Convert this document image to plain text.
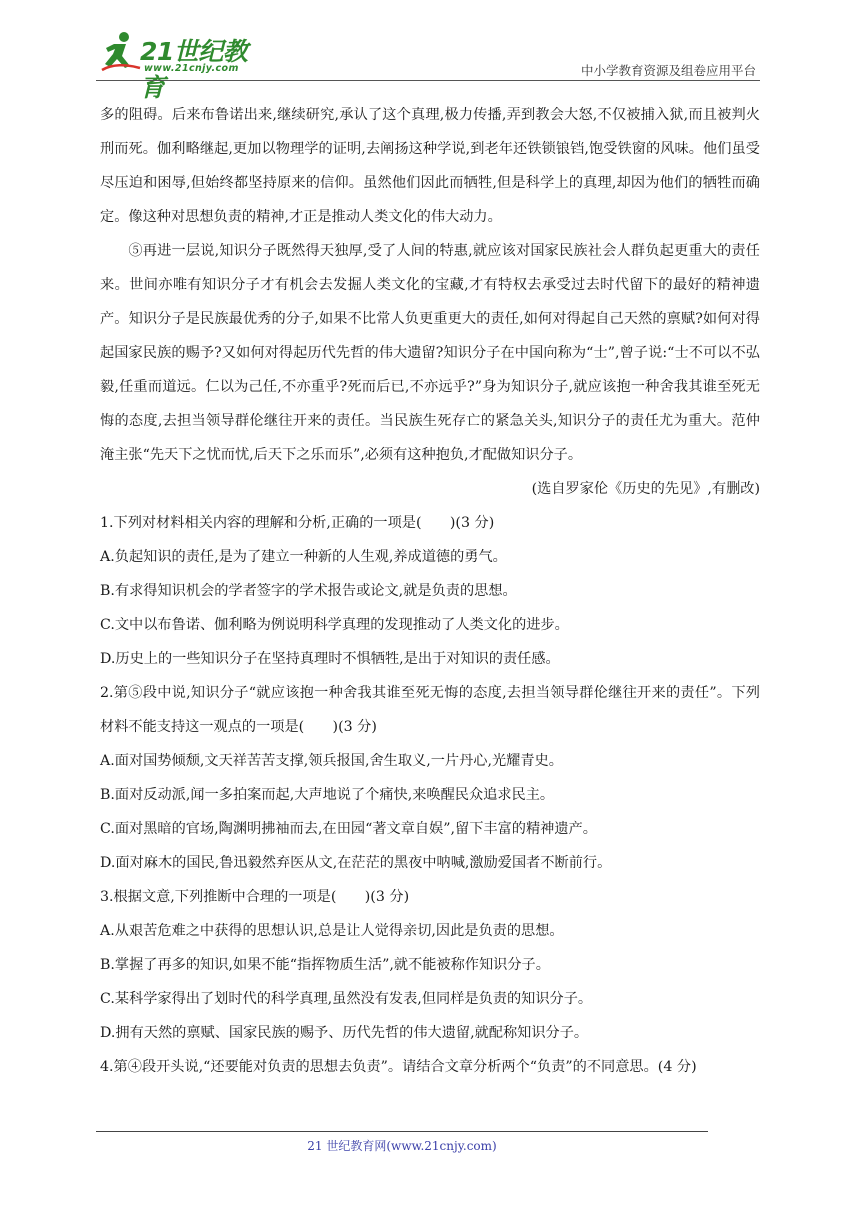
21世纪教育
www.21cnjy.com	中小学教育资源及组卷应用平台

多的阻碍。后来布鲁诺出来,继续研究,承认了这个真理,极力传播,弄到教会大怒,不仅被捕入狱,而且被判火刑而死。伽利略继起,更加以物理学的证明,去阐扬这种学说,到老年还铁锁锒铛,饱受铁窗的风味。他们虽受尽压迫和困辱,但始终都坚持原来的信仰。虽然他们因此而牺牲,但是科学上的真理,却因为他们的牺牲而确定。像这种对思想负责的精神,才正是推动人类文化的伟大动力。

⑤再进一层说,知识分子既然得天独厚,受了人间的特惠,就应该对国家民族社会人群负起更重大的责任来。世间亦唯有知识分子才有机会去发掘人类文化的宝藏,才有特权去承受过去时代留下的最好的精神遗产。知识分子是民族最优秀的分子,如果不比常人负更重更大的责任,如何对得起自己天然的禀赋?如何对得起国家民族的赐予?又如何对得起历代先哲的伟大遗留?知识分子在中国向称为“士”,曾子说:“士不可以不弘毅,任重而道远。仁以为己任,不亦重乎?死而后已,不亦远乎?”身为知识分子,就应该抱一种舍我其谁至死无悔的态度,去担当领导群伦继往开来的责任。当民族生死存亡的紧急关头,知识分子的责任尤为重大。范仲淹主张“先天下之忧而忧,后天下之乐而乐”,必须有这种抱负,才配做知识分子。

(选自罗家伦《历史的先见》,有删改)

1.下列对材料相关内容的理解和分析,正确的一项是(　　)(3 分)

A.负起知识的责任,是为了建立一种新的人生观,养成道德的勇气。

B.有求得知识机会的学者签字的学术报告或论文,就是负责的思想。

C.文中以布鲁诺、伽利略为例说明科学真理的发现推动了人类文化的进步。

D.历史上的一些知识分子在坚持真理时不惧牺牲,是出于对知识的责任感。

2.第⑤段中说,知识分子“就应该抱一种舍我其谁至死无悔的态度,去担当领导群伦继往开来的责任”。下列材料不能支持这一观点的一项是(　　)(3 分)

A.面对国势倾颓,文天祥苦苦支撑,领兵报国,舍生取义,一片丹心,光耀青史。

B.面对反动派,闻一多拍案而起,大声地说了个痛快,来唤醒民众追求民主。

C.面对黑暗的官场,陶渊明拂袖而去,在田园“著文章自娱”,留下丰富的精神遗产。

D.面对麻木的国民,鲁迅毅然弃医从文,在茫茫的黑夜中呐喊,激励爱国者不断前行。

3.根据文意,下列推断中合理的一项是(　　)(3 分)

A.从艰苦危难之中获得的思想认识,总是让人觉得亲切,因此是负责的思想。

B.掌握了再多的知识,如果不能“指挥物质生活”,就不能被称作知识分子。

C.某科学家得出了划时代的科学真理,虽然没有发表,但同样是负责的知识分子。

D.拥有天然的禀赋、国家民族的赐予、历代先哲的伟大遗留,就配称知识分子。

4.第④段开头说,“还要能对负责的思想去负责”。请结合文章分析两个“负责”的不同意思。(4 分)

21 世纪教育网(www.21cnjy.com)
